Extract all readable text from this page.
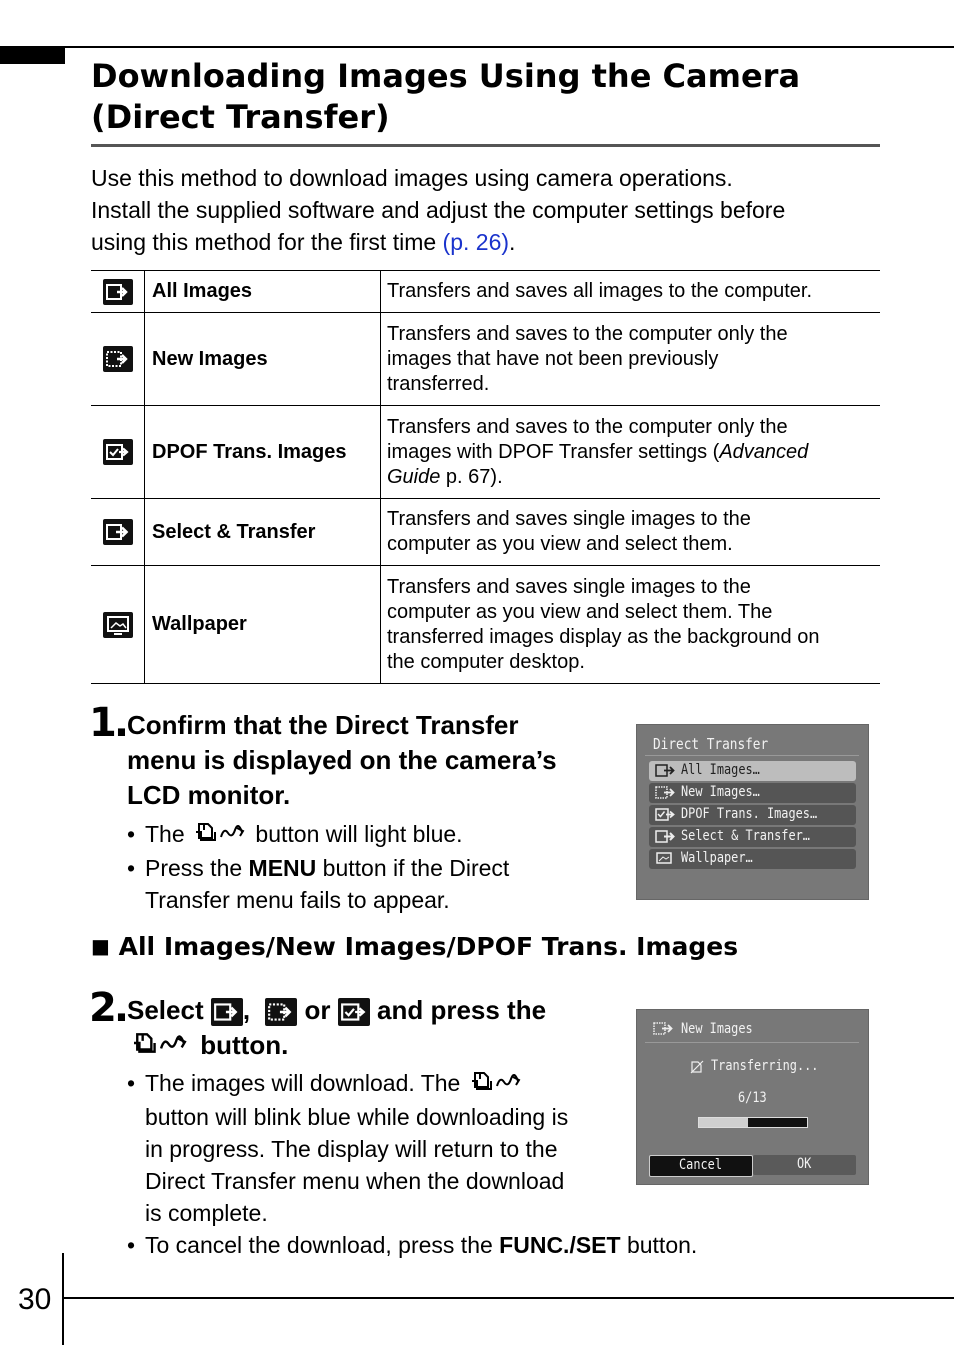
Downloading Images Using the Camera
(Direct Transfer)
Use this method to download images using camera operations.
Install the supplied software and adjust the computer settings before
using this method for the first time (p. 26).
	All Images	Transfers and saves all images to the computer.

	New Images	Transfers and saves to the computer only the
images that have not been previously
transferred.

	DPOF Trans. Images	Transfers and saves to the computer only the
images with DPOF Transfer settings (Advanced
Guide p. 67).

	Select & Transfer	Transfers and saves single images to the
computer as you view and select them.

	Wallpaper	Transfers and saves single images to the
computer as you view and select them. The
transferred images display as the background on
the computer desktop.
1. Confirm that the Direct Transfer
menu is displayed on the camera’s
LCD monitor.
• The	button will light blue.
• Press the MENU button if the Direct
Transfer menu fails to appear.
Direct Transfer
All Images…
New Images…
DPOF Trans. Images…
Select & Transfer…
Wallpaper…
■ All Images/New Images/DPOF Trans. Images
2. Select
, or and press the
button.
• The images will download. The
button will blink blue while downloading is
in progress. The display will return to the
Direct Transfer menu when the download
is complete.
• To cancel the download, press the FUNC./SET button.
New Images
Transferring...
6/13
Cancel	OK
30
